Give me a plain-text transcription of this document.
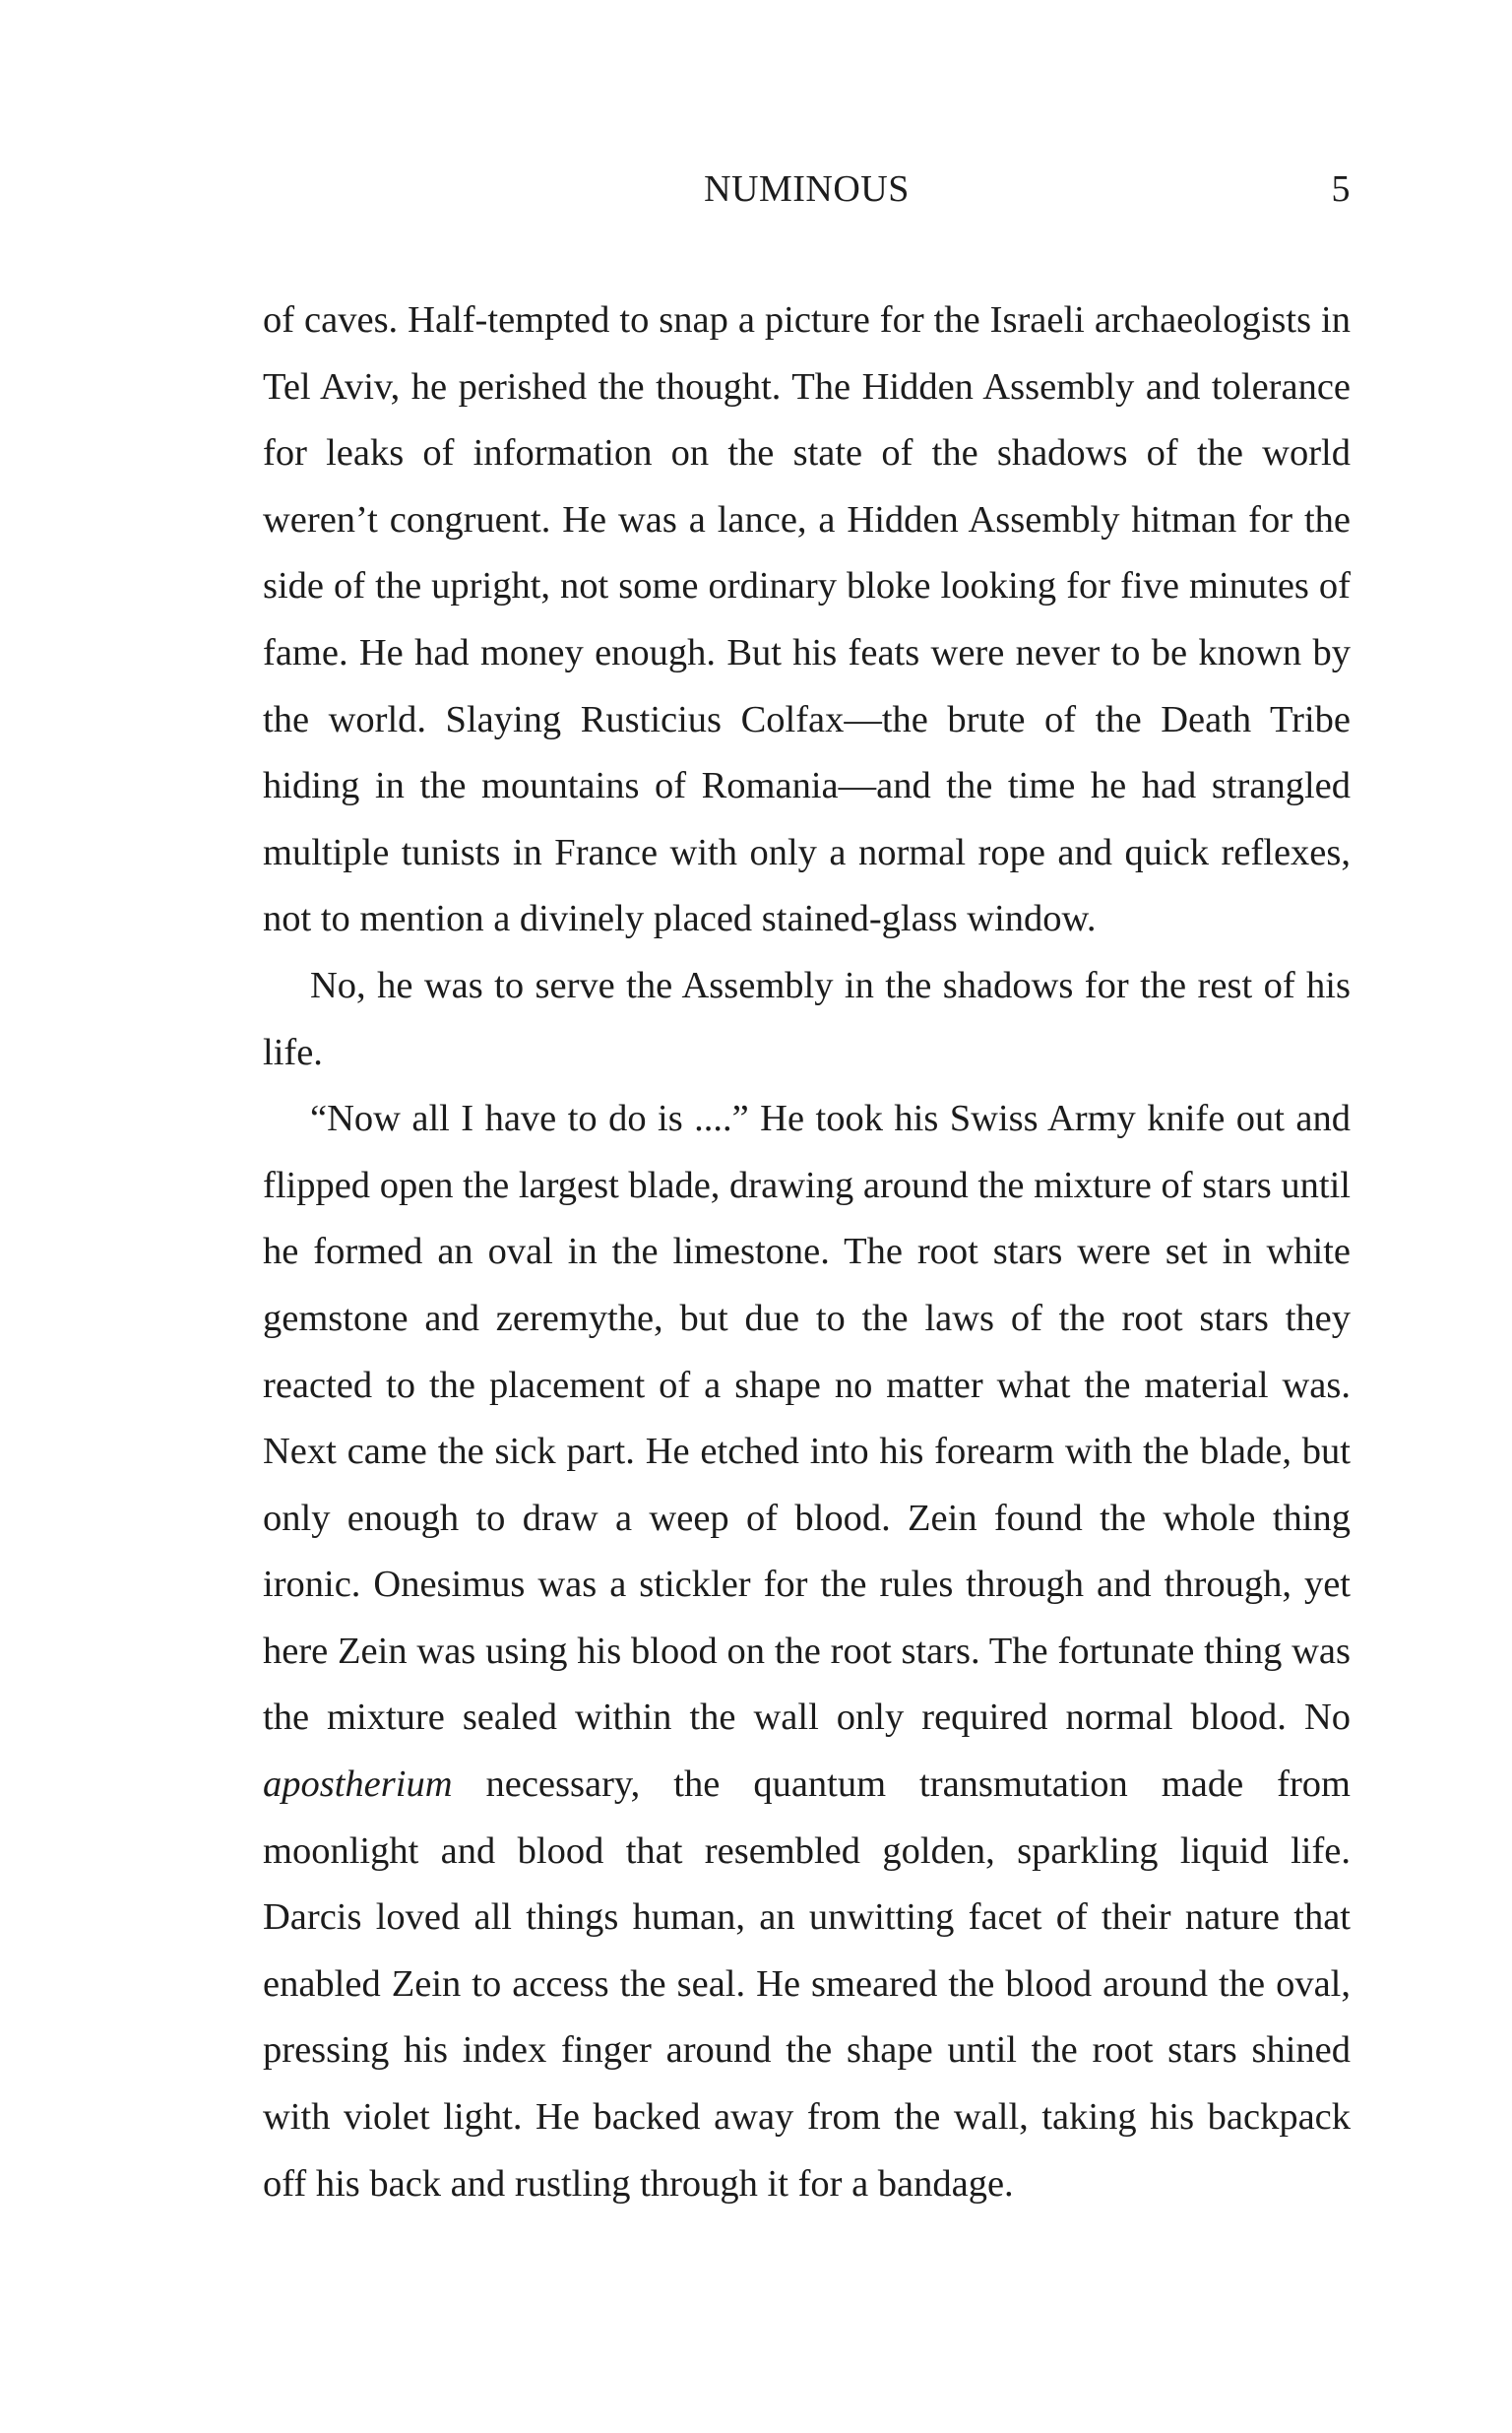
NUMINOUS	5

of caves. Half-tempted to snap a picture for the Israeli archaeologists in Tel Aviv, he perished the thought. The Hidden Assembly and tolerance for leaks of information on the state of the shadows of the world weren’t congruent. He was a lance, a Hidden Assembly hitman for the side of the upright, not some ordinary bloke looking for five minutes of fame. He had money enough. But his feats were never to be known by the world. Slaying Rusticius Colfax—the brute of the Death Tribe hiding in the mountains of Romania—and the time he had strangled multiple tunists in France with only a normal rope and quick reflexes, not to mention a divinely placed stained-glass window.

No, he was to serve the Assembly in the shadows for the rest of his life.

“Now all I have to do is ....” He took his Swiss Army knife out and flipped open the largest blade, drawing around the mixture of stars until he formed an oval in the limestone. The root stars were set in white gemstone and zeremythe, but due to the laws of the root stars they reacted to the placement of a shape no matter what the material was. Next came the sick part. He etched into his forearm with the blade, but only enough to draw a weep of blood. Zein found the whole thing ironic. Onesimus was a stickler for the rules through and through, yet here Zein was using his blood on the root stars. The fortunate thing was the mixture sealed within the wall only required normal blood. No apostherium necessary, the quantum transmutation made from moonlight and blood that resembled golden, sparkling liquid life. Darcis loved all things human, an unwitting facet of their nature that enabled Zein to access the seal. He smeared the blood around the oval, pressing his index finger around the shape until the root stars shined with violet light. He backed away from the wall, taking his backpack off his back and rustling through it for a bandage.
